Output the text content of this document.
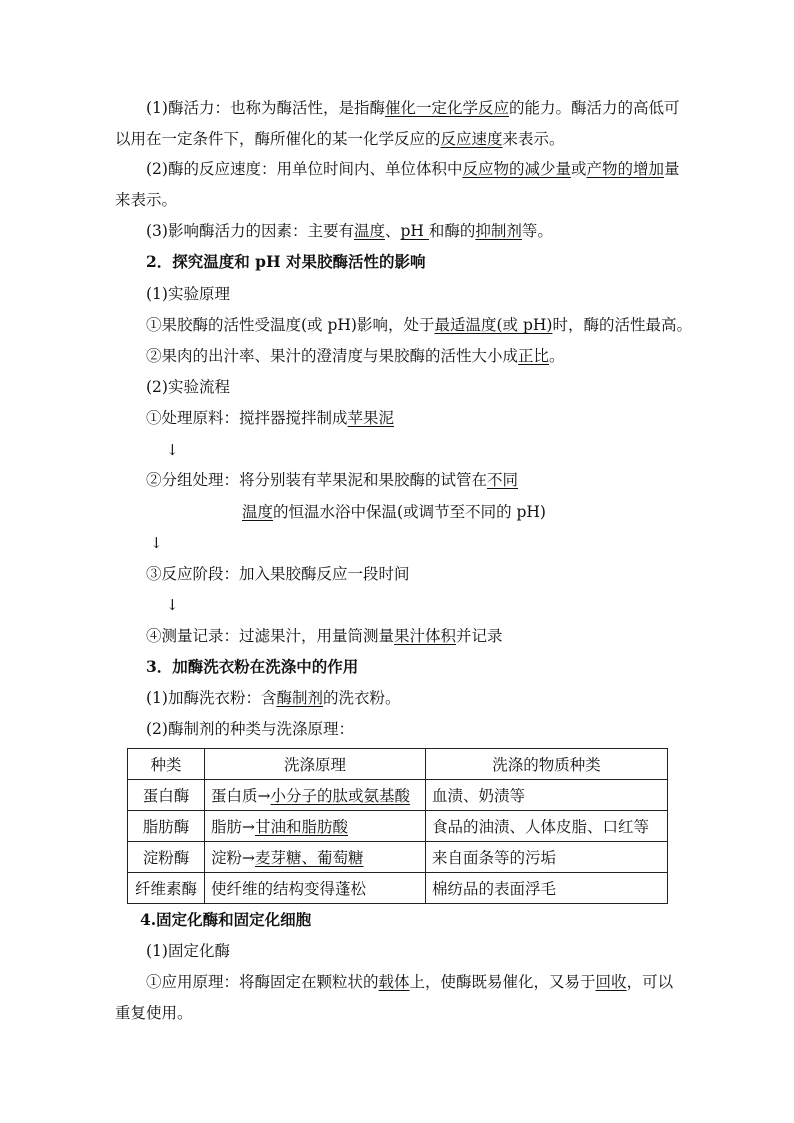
(1)酶活力：也称为酶活性，是指酶催化一定化学反应的能力。酶活力的高低可以用在一定条件下，酶所催化的某一化学反应的反应速度来表示。

(2)酶的反应速度：用单位时间内、单位体积中反应物的减少量或产物的增加量来表示。

(3)影响酶活力的因素：主要有温度、pH 和酶的抑制剂等。

2．探究温度和 pH 对果胶酶活性的影响

(1)实验原理

①果胶酶的活性受温度(或 pH)影响，处于最适温度(或 pH)时，酶的活性最高。

②果肉的出汁率、果汁的澄清度与果胶酶的活性大小成正比。

(2)实验流程

①处理原料：搅拌器搅拌制成苹果泥

↓

②分组处理：将分别装有苹果泥和果胶酶的试管在不同

温度的恒温水浴中保温(或调节至不同的 pH)

↓

③反应阶段：加入果胶酶反应一段时间

↓

④测量记录：过滤果汁，用量筒测量果汁体积并记录

3．加酶洗衣粉在洗涤中的作用

(1)加酶洗衣粉：含酶制剂的洗衣粉。

(2)酶制剂的种类与洗涤原理：

种类	洗涤原理	洗涤的物质种类
蛋白酶	蛋白质→小分子的肽或氨基酸	血渍、奶渍等
脂肪酶	脂肪→甘油和脂肪酸	食品的油渍、人体皮脂、口红等
淀粉酶	淀粉→麦芽糖、葡萄糖	来自面条等的污垢
纤维素酶	使纤维的结构变得蓬松	棉纺品的表面浮毛

4.固定化酶和固定化细胞

(1)固定化酶

①应用原理：将酶固定在颗粒状的载体上，使酶既易催化，又易于回收，可以重复使用。
